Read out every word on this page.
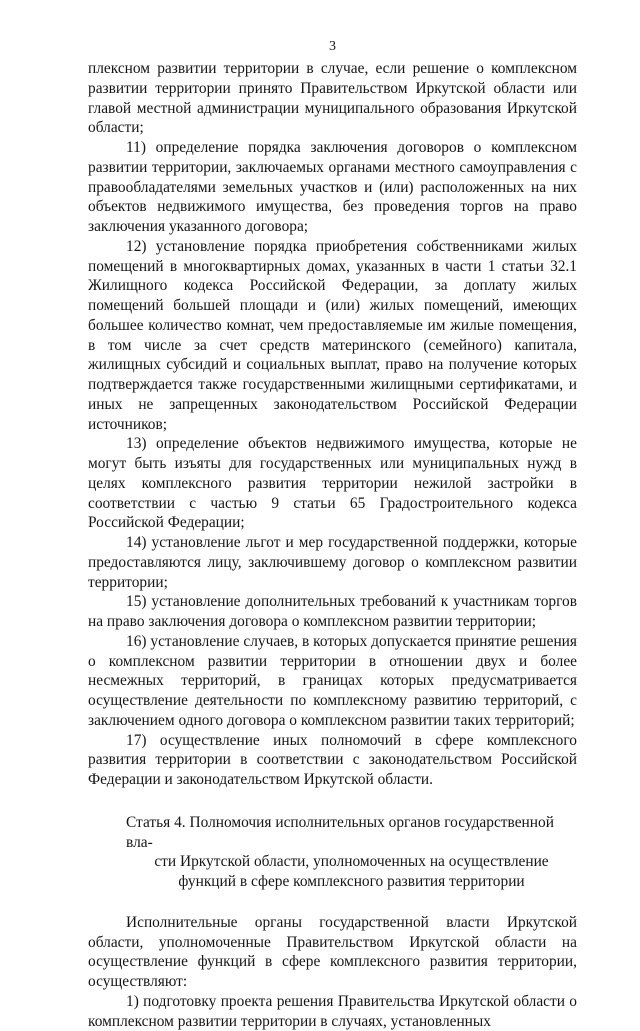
3

плексном развитии территории в случае, если решение о комплексном развитии территории принято Правительством Иркутской области или главой местной администрации муниципального образования Иркутской области;

11) определение порядка заключения договоров о комплексном развитии территории, заключаемых органами местного самоуправления с правообладателями земельных участков и (или) расположенных на них объектов недвижимого имущества, без проведения торгов на право заключения указанного договора;

12) установление порядка приобретения собственниками жилых помещений в многоквартирных домах, указанных в части 1 статьи 32.1 Жилищного кодекса Российской Федерации, за доплату жилых помещений большей площади и (или) жилых помещений, имеющих большее количество комнат, чем предоставляемые им жилые помещения, в том числе за счет средств материнского (семейного) капитала, жилищных субсидий и социальных выплат, право на получение которых подтверждается также государственными жилищными сертификатами, и иных не запрещенных законодательством Российской Федерации источников;

13) определение объектов недвижимого имущества, которые не могут быть изъяты для государственных или муниципальных нужд в целях комплексного развития территории нежилой застройки в соответствии с частью 9 статьи 65 Градостроительного кодекса Российской Федерации;

14) установление льгот и мер государственной поддержки, которые предоставляются лицу, заключившему договор о комплексном развитии территории;

15) установление дополнительных требований к участникам торгов на право заключения договора о комплексном развитии территории;

16) установление случаев, в которых допускается принятие решения о комплексном развитии территории в отношении двух и более несмежных территорий, в границах которых предусматривается осуществление деятельности по комплексному развитию территорий, с заключением одного договора о комплексном развитии таких территорий;

17) осуществление иных полномочий в сфере комплексного развития территории в соответствии с законодательством Российской Федерации и законодательством Иркутской области.

Статья 4. Полномочия исполнительных органов государственной вла-
сти Иркутской области, уполномоченных на осуществление
функций в сфере комплексного развития территории

Исполнительные органы государственной власти Иркутской области, уполномоченные Правительством Иркутской области на осуществление функций в сфере комплексного развития территории, осуществляют:

1) подготовку проекта решения Правительства Иркутской области о комплексном развитии территории в случаях, установленных
